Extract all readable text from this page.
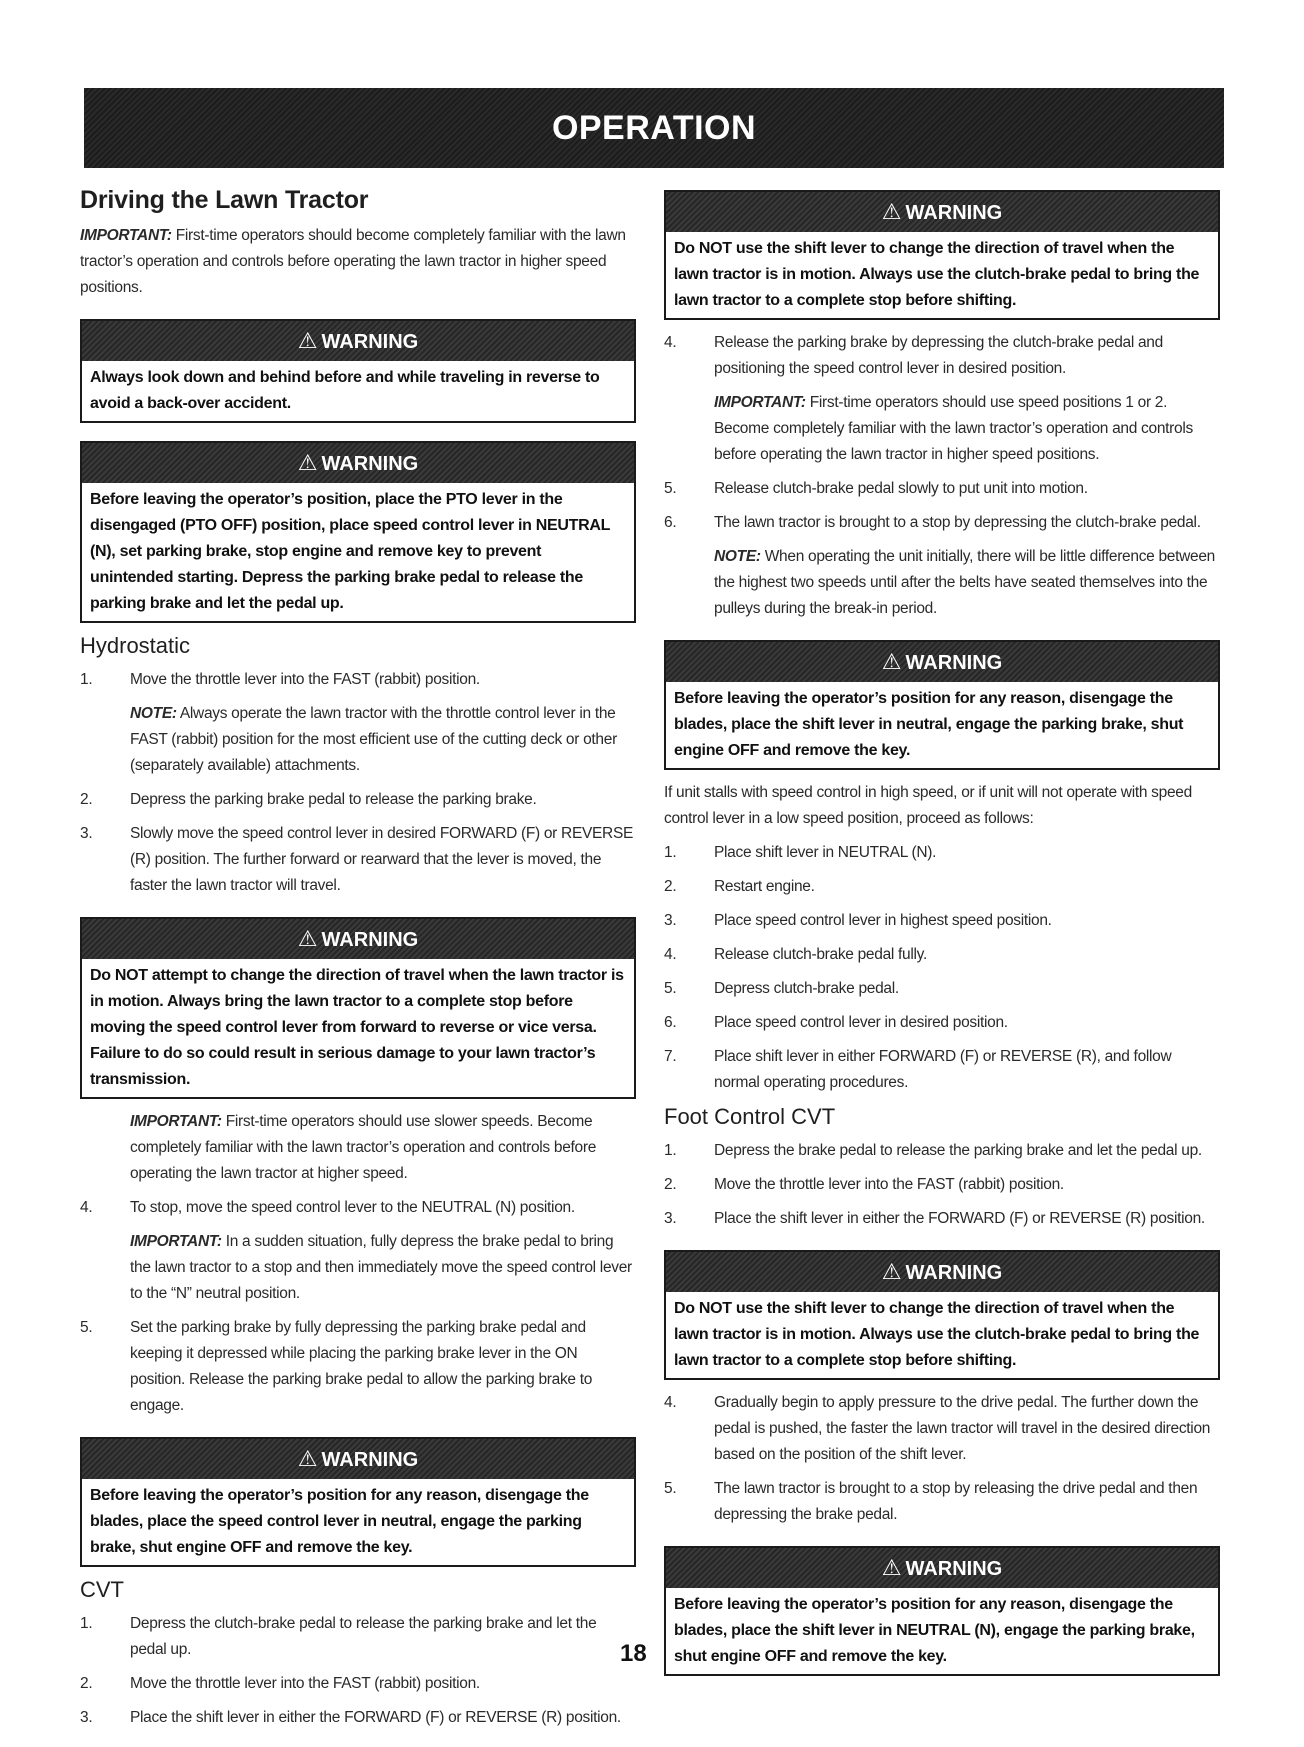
OPERATION
Driving the Lawn Tractor

IMPORTANT: First-time operators should become completely familiar with the lawn tractor’s operation and controls before operating the lawn tractor in higher speed positions.

⚠ WARNING
Always look down and behind before and while traveling in reverse to avoid a back-over accident.
⚠ WARNING
Before leaving the operator’s position, place the PTO lever in the disengaged (PTO OFF) position, place speed control lever in NEUTRAL (N), set parking brake, stop engine and remove key to prevent unintended starting. Depress the parking brake pedal to release the parking brake and let the pedal up.
Hydrostatic
1. Move the throttle lever into the FAST (rabbit) position.
NOTE: Always operate the lawn tractor with the throttle control lever in the FAST (rabbit) position for the most efficient use of the cutting deck or other (separately available) attachments.
2. Depress the parking brake pedal to release the parking brake.
3. Slowly move the speed control lever in desired FORWARD (F) or REVERSE (R) position. The further forward or rearward that the lever is moved, the faster the lawn tractor will travel.
⚠ WARNING
Do NOT attempt to change the direction of travel when the lawn tractor is in motion. Always bring the lawn tractor to a complete stop before moving the speed control lever from forward to reverse or vice versa. Failure to do so could result in serious damage to your lawn tractor’s transmission.

IMPORTANT: First-time operators should use slower speeds. Become completely familiar with the lawn tractor’s operation and controls before operating the lawn tractor at higher speed.

4. To stop, move the speed control lever to the NEUTRAL (N) position.
IMPORTANT: In a sudden situation, fully depress the brake pedal to bring the lawn tractor to a stop and then immediately move the speed control lever to the “N” neutral position.
5. Set the parking brake by fully depressing the parking brake pedal and keeping it depressed while placing the parking brake lever in the ON position. Release the parking brake pedal to allow the parking brake to engage.
⚠ WARNING
Before leaving the operator’s position for any reason, disengage the blades, place the speed control lever in neutral, engage the parking brake, shut engine OFF and remove the key.
CVT
1. Depress the clutch-brake pedal to release the parking brake and let the pedal up.
2. Move the throttle lever into the FAST (rabbit) position.
3. Place the shift lever in either the FORWARD (F) or REVERSE (R) position.
⚠ WARNING
Do NOT use the shift lever to change the direction of travel when the lawn tractor is in motion. Always use the clutch-brake pedal to bring the lawn tractor to a complete stop before shifting.
4. Release the parking brake by depressing the clutch-brake pedal and positioning the speed control lever in desired position.
IMPORTANT: First-time operators should use speed positions 1 or 2. Become completely familiar with the lawn tractor’s operation and controls before operating the lawn tractor in higher speed positions.
5. Release clutch-brake pedal slowly to put unit into motion.
6. The lawn tractor is brought to a stop by depressing the clutch-brake pedal.
NOTE: When operating the unit initially, there will be little difference between the highest two speeds until after the belts have seated themselves into the pulleys during the break-in period.
⚠ WARNING
Before leaving the operator’s position for any reason, disengage the blades, place the shift lever in neutral, engage the parking brake, shut engine OFF and remove the key.

If unit stalls with speed control in high speed, or if unit will not operate with speed control lever in a low speed position, proceed as follows:

1. Place shift lever in NEUTRAL (N).
2. Restart engine.
3. Place speed control lever in highest speed position.
4. Release clutch-brake pedal fully.
5. Depress clutch-brake pedal.
6. Place speed control lever in desired position.
7. Place shift lever in either FORWARD (F) or REVERSE (R), and follow normal operating procedures.
Foot Control CVT
1. Depress the brake pedal to release the parking brake and let the pedal up.
2. Move the throttle lever into the FAST (rabbit) position.
3. Place the shift lever in either the FORWARD (F) or REVERSE (R) position.
⚠ WARNING
Do NOT use the shift lever to change the direction of travel when the lawn tractor is in motion. Always use the clutch-brake pedal to bring the lawn tractor to a complete stop before shifting.
4. Gradually begin to apply pressure to the drive pedal. The further down the pedal is pushed, the faster the lawn tractor will travel in the desired direction based on the position of the shift lever.
5. The lawn tractor is brought to a stop by releasing the drive pedal and then depressing the brake pedal.
⚠ WARNING
Before leaving the operator’s position for any reason, disengage the blades, place the shift lever in NEUTRAL (N), engage the parking brake, shut engine OFF and remove the key.
18
